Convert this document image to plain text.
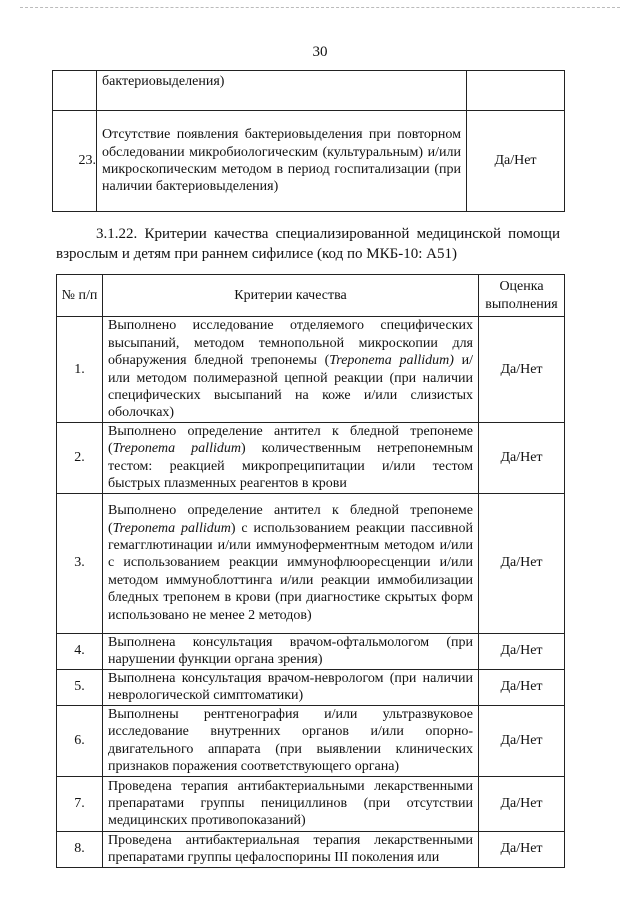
30
	бактериовыделения)	
23.	Отсутствие появления бактериовыделения при повторном обследовании микробиологическим (культуральным) и/или микроскопическим методом в период госпитализации (при наличии бактериовыделения)	Да/Нет
3.1.22. Критерии качества специализированной медицинской помощи взрослым и детям при раннем сифилисе (код по МКБ-10: А51)
№ п/п	Критерии качества	Оценка выполнения
1.	Выполнено исследование отделяемого специфических высыпаний, методом темнопольной микроскопии для обнаружения бледной трепонемы (Treponema pallidum) и/или методом полимеразной цепной реакции (при наличии специфических высыпаний на коже и/или слизистых оболочках)	Да/Нет
2.	Выполнено определение антител к бледной трепонеме (Treponema pallidum) количественным нетрепонемным тестом: реакцией микропреципитации и/или тестом быстрых плазменных реагентов в крови	Да/Нет
3.	Выполнено определение антител к бледной трепонеме (Treponema pallidum) с использованием реакции пассивной гемагглютинации и/или иммуноферментным методом и/или с использованием реакции иммунофлюоресценции и/или методом иммуноблоттинга и/или реакции иммобилизации бледных трепонем в крови (при диагностике скрытых форм использовано не менее 2 методов)	Да/Нет
4.	Выполнена консультация врачом-офтальмологом (при нарушении функции органа зрения)	Да/Нет
5.	Выполнена консультация врачом-неврологом (при наличии неврологической симптоматики)	Да/Нет
6.	Выполнены рентгенография и/или ультразвуковое исследование внутренних органов и/или опорно-двигательного аппарата (при выявлении клинических признаков поражения соответствующего органа)	Да/Нет
7.	Проведена терапия антибактериальными лекарственными препаратами группы пенициллинов (при отсутствии медицинских противопоказаний)	Да/Нет
8.	Проведена антибактериальная терапия лекарственными препаратами группы цефалоспорины III поколения или	Да/Нет
